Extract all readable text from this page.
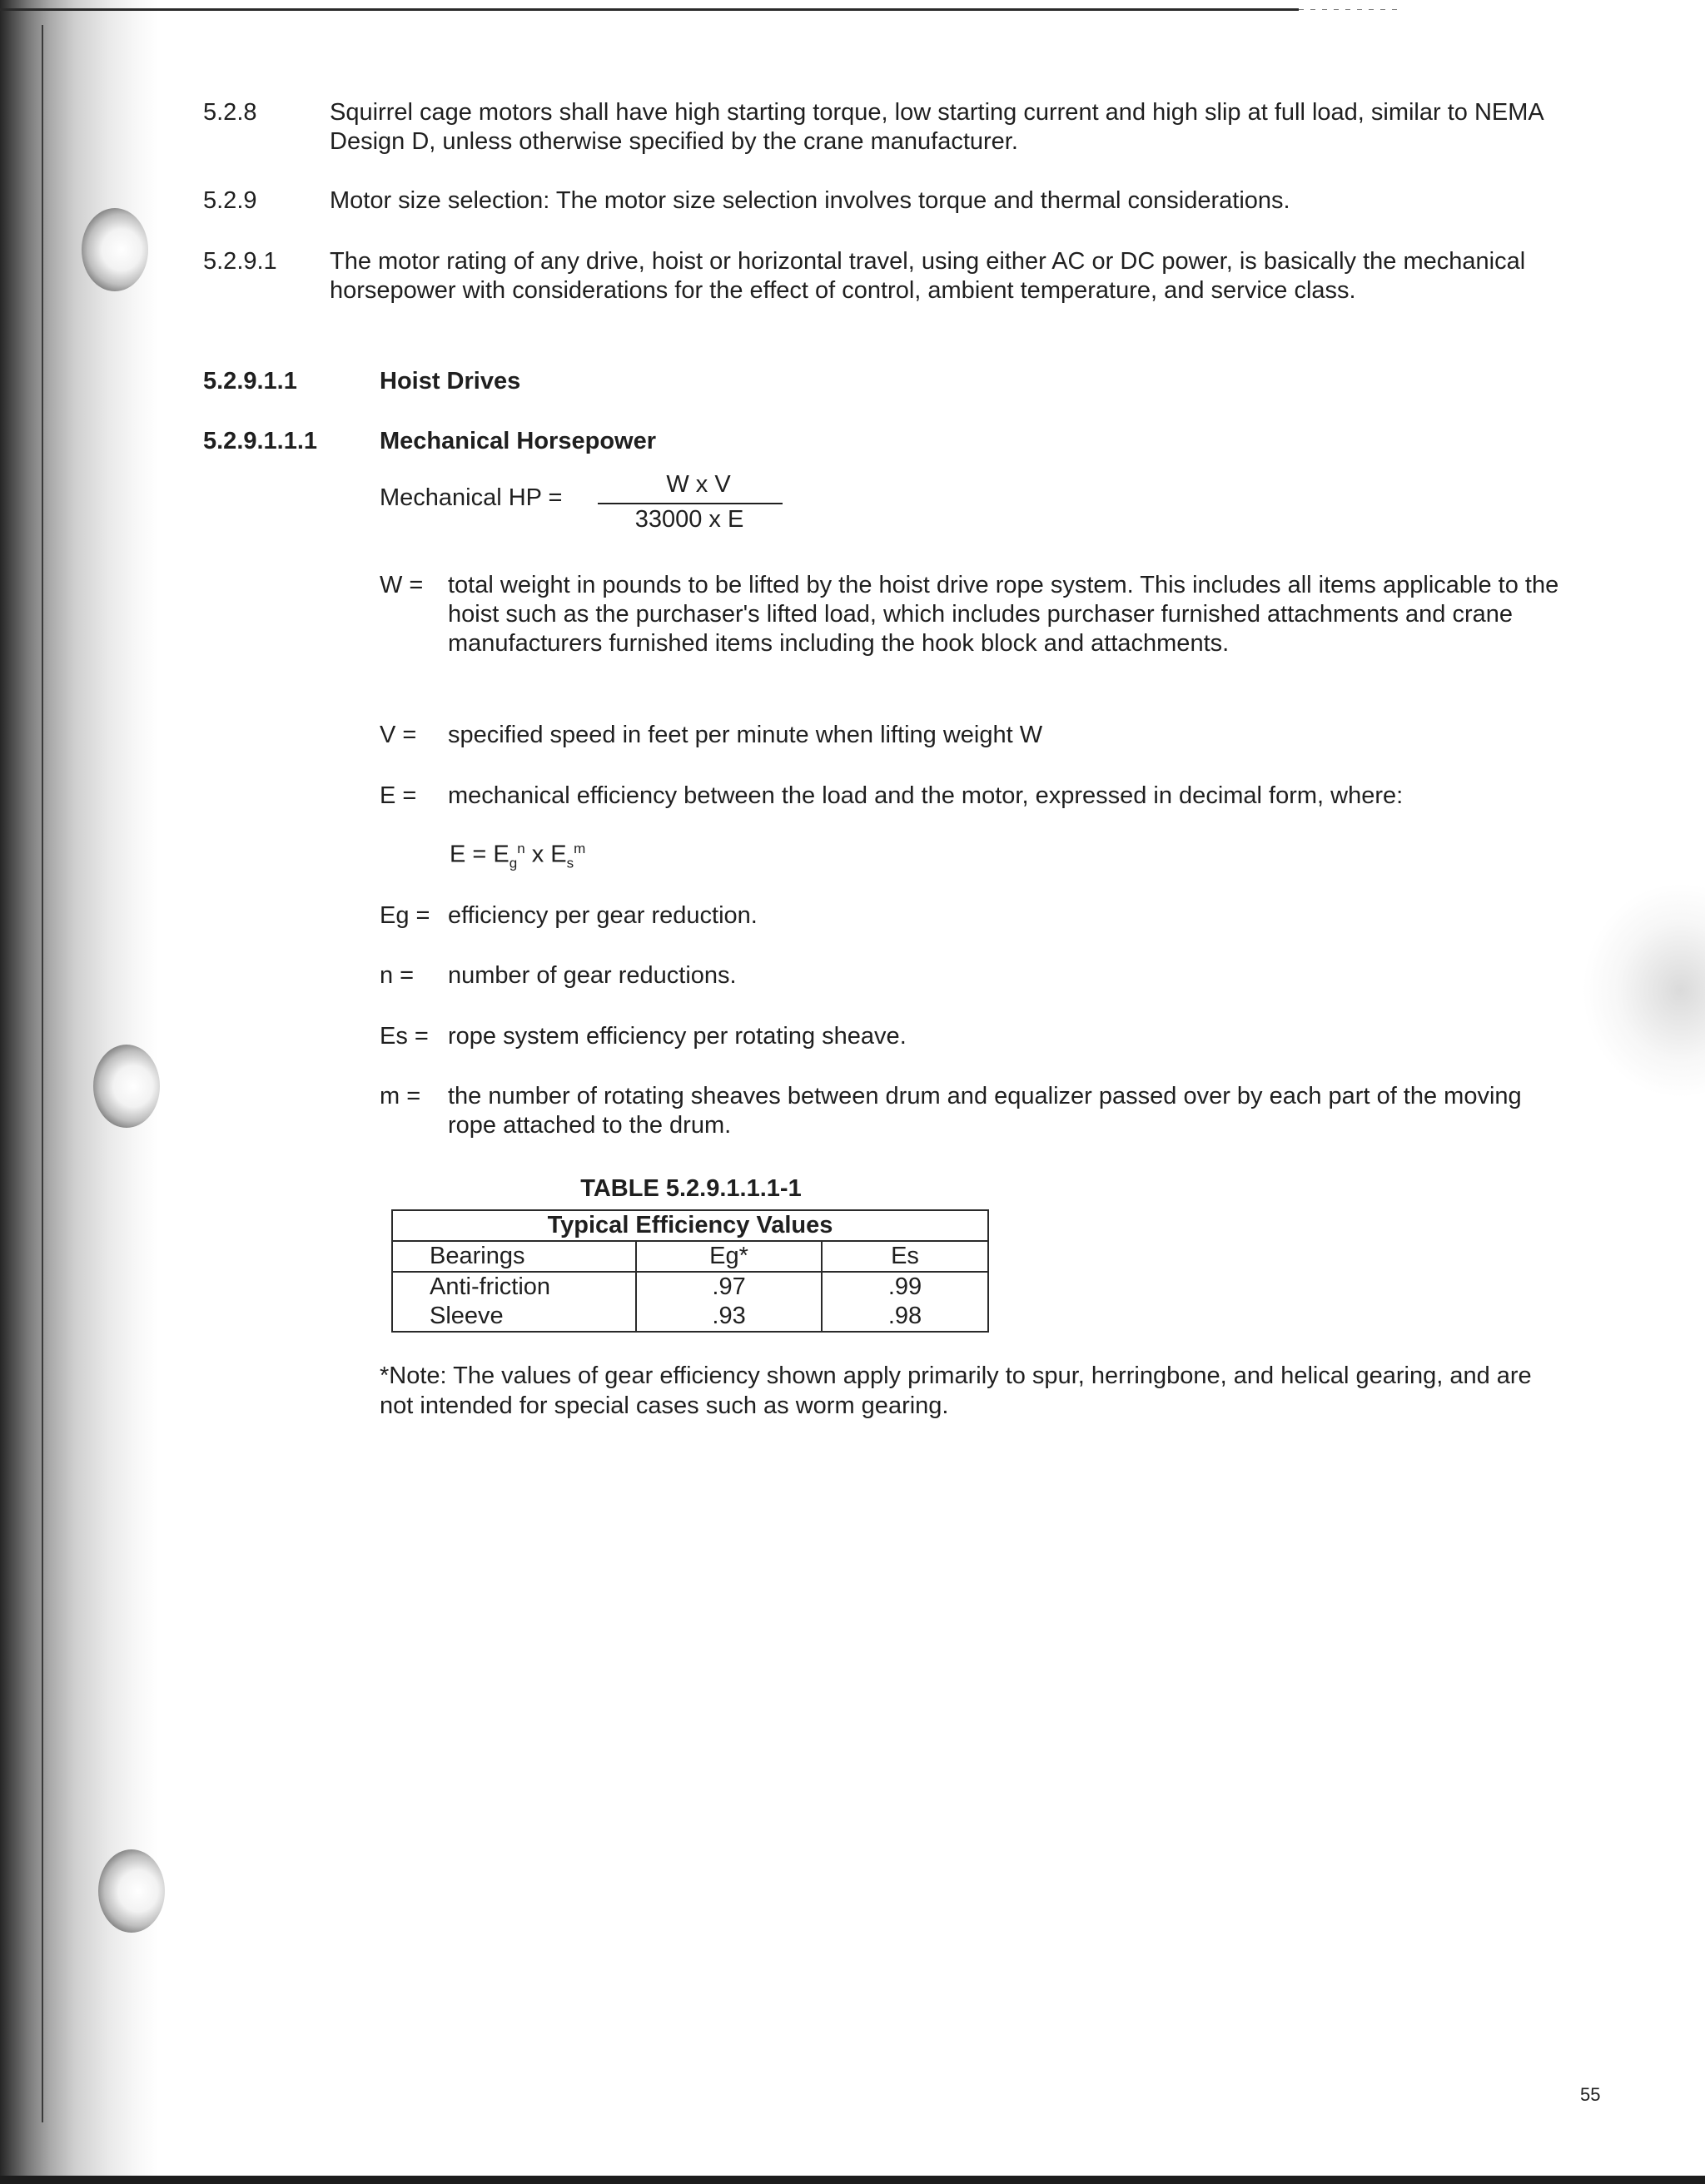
5.2.8	Squirrel cage motors shall have high starting torque, low starting current and high slip at full load, similar to NEMA Design D, unless otherwise specified by the crane manufacturer.
5.2.9	Motor size selection: The motor size selection involves torque and thermal considerations.
5.2.9.1 The motor rating of any drive, hoist or horizontal travel, using either AC or DC power, is basically the mechanical horsepower with considerations for the effect of control, ambient temperature, and service class.
5.2.9.1.1	Hoist Drives
5.2.9.1.1.1	Mechanical Horsepower
Mechanical HP =	W x V
33000 x E
W =	total weight in pounds to be lifted by the hoist drive rope system. This includes all items applicable to the hoist such as the purchaser's lifted load, which includes purchaser furnished attachments and crane manufacturers furnished items including the hook block and attachments.
V =	specified speed in feet per minute when lifting weight W
E =	mechanical efficiency between the load and the motor, expressed in decimal form, where:
$E = E_g^n$ x $E_s^m$
Eg = efficiency per gear reduction.
n =	number of gear reductions.
Es = rope system efficiency per rotating sheave.
m =	the number of rotating sheaves between drum and equalizer passed over by each part of the moving rope attached to the drum.
TABLE 5.2.9.1.1.1-1
Typical Efficiency Values		
Bearings	Eg*	Es
Anti-friction	.97	.99
Sleeve	.93	.98
*Note: The values of gear efficiency shown apply primarily to spur, herringbone, and helical gearing, and are not intended for special cases such as worm gearing.
55
